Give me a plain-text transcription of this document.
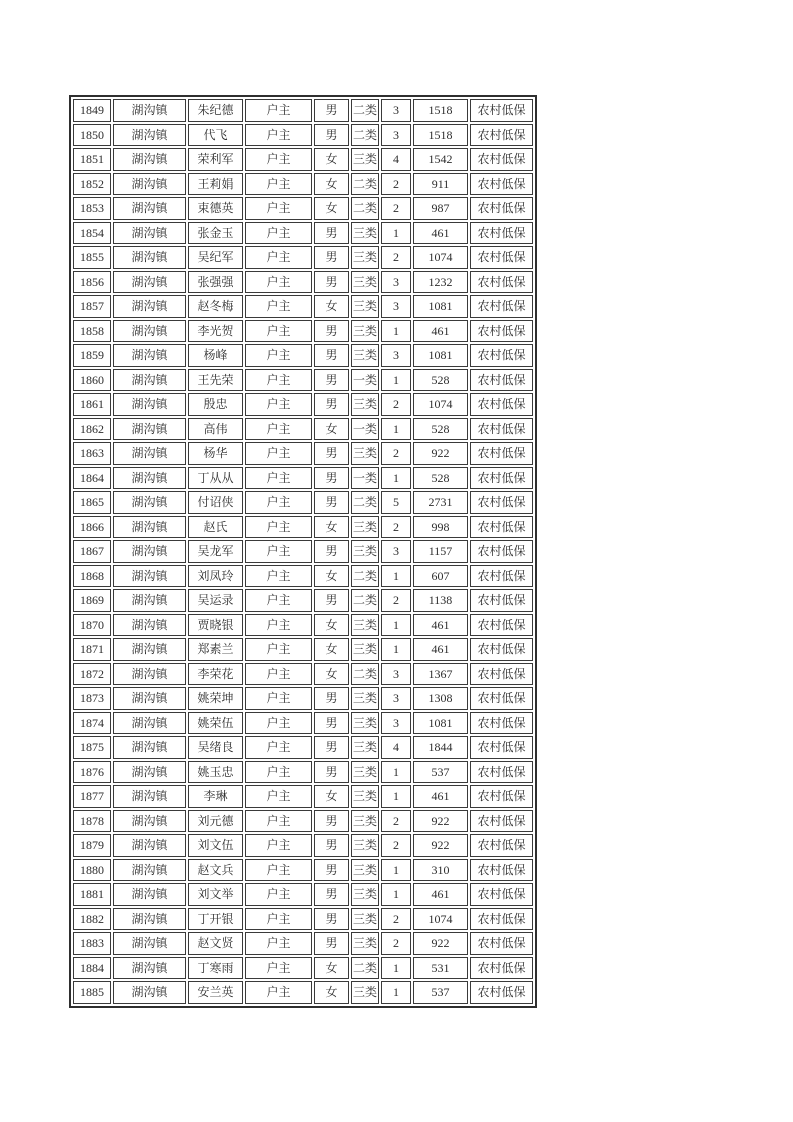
1849	湖沟镇	朱纪德	户主	男	二类	3	1518	农村低保
1850	湖沟镇	代飞	户主	男	二类	3	1518	农村低保
1851	湖沟镇	荣利军	户主	女	三类	4	1542	农村低保
1852	湖沟镇	王莉娟	户主	女	二类	2	911	农村低保
1853	湖沟镇	束德英	户主	女	二类	2	987	农村低保
1854	湖沟镇	张金玉	户主	男	三类	1	461	农村低保
1855	湖沟镇	吴纪军	户主	男	三类	2	1074	农村低保
1856	湖沟镇	张强强	户主	男	三类	3	1232	农村低保
1857	湖沟镇	赵冬梅	户主	女	三类	3	1081	农村低保
1858	湖沟镇	李光贺	户主	男	三类	1	461	农村低保
1859	湖沟镇	杨峰	户主	男	三类	3	1081	农村低保
1860	湖沟镇	王先荣	户主	男	一类	1	528	农村低保
1861	湖沟镇	殷忠	户主	男	三类	2	1074	农村低保
1862	湖沟镇	高伟	户主	女	一类	1	528	农村低保
1863	湖沟镇	杨华	户主	男	三类	2	922	农村低保
1864	湖沟镇	丁从从	户主	男	一类	1	528	农村低保
1865	湖沟镇	付诏侠	户主	男	二类	5	2731	农村低保
1866	湖沟镇	赵氏	户主	女	三类	2	998	农村低保
1867	湖沟镇	吴龙军	户主	男	三类	3	1157	农村低保
1868	湖沟镇	刘凤玲	户主	女	二类	1	607	农村低保
1869	湖沟镇	吴运录	户主	男	二类	2	1138	农村低保
1870	湖沟镇	贾晓银	户主	女	三类	1	461	农村低保
1871	湖沟镇	郑素兰	户主	女	三类	1	461	农村低保
1872	湖沟镇	李荣花	户主	女	二类	3	1367	农村低保
1873	湖沟镇	姚荣坤	户主	男	三类	3	1308	农村低保
1874	湖沟镇	姚荣伍	户主	男	三类	3	1081	农村低保
1875	湖沟镇	吴绪良	户主	男	三类	4	1844	农村低保
1876	湖沟镇	姚玉忠	户主	男	三类	1	537	农村低保
1877	湖沟镇	李琳	户主	女	三类	1	461	农村低保
1878	湖沟镇	刘元德	户主	男	三类	2	922	农村低保
1879	湖沟镇	刘文伍	户主	男	三类	2	922	农村低保
1880	湖沟镇	赵文兵	户主	男	三类	1	310	农村低保
1881	湖沟镇	刘文举	户主	男	三类	1	461	农村低保
1882	湖沟镇	丁开银	户主	男	三类	2	1074	农村低保
1883	湖沟镇	赵文贤	户主	男	三类	2	922	农村低保
1884	湖沟镇	丁寒雨	户主	女	二类	1	531	农村低保
1885	湖沟镇	安兰英	户主	女	三类	1	537	农村低保
